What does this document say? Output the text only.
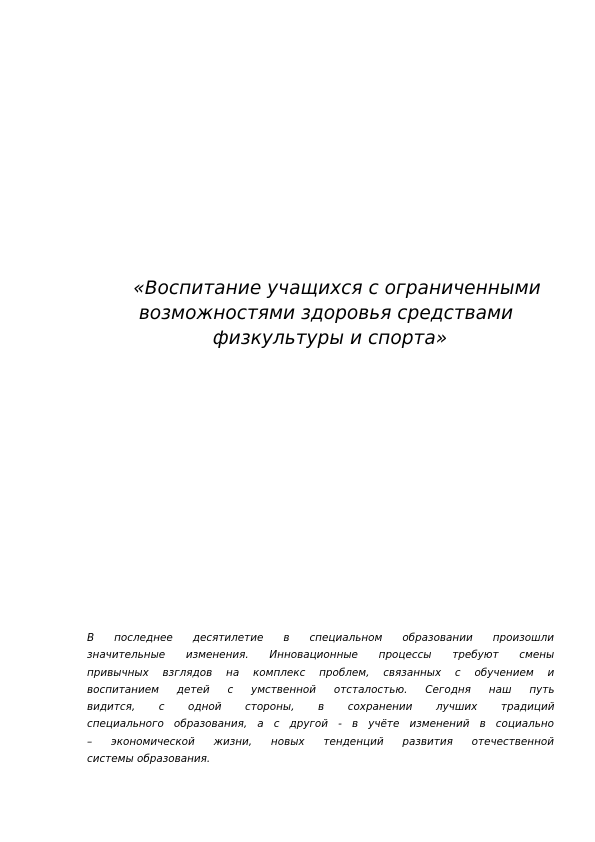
«Воспитание учащихся с ограниченными
возможностями здоровья средствами
физкультуры и спорта»
В последнее десятилетие в специальном образовании произошли
значительные изменения. Инновационные процессы требуют смены
привычных взглядов на комплекс проблем, связанных с обучением и
воспитанием детей с умственной отсталостью. Сегодня наш путь
видится, с одной стороны, в сохранении лучших традиций
специального образования, а с другой - в учёте изменений в социально
– экономической жизни, новых тенденций развития отечественной
системы образования.
